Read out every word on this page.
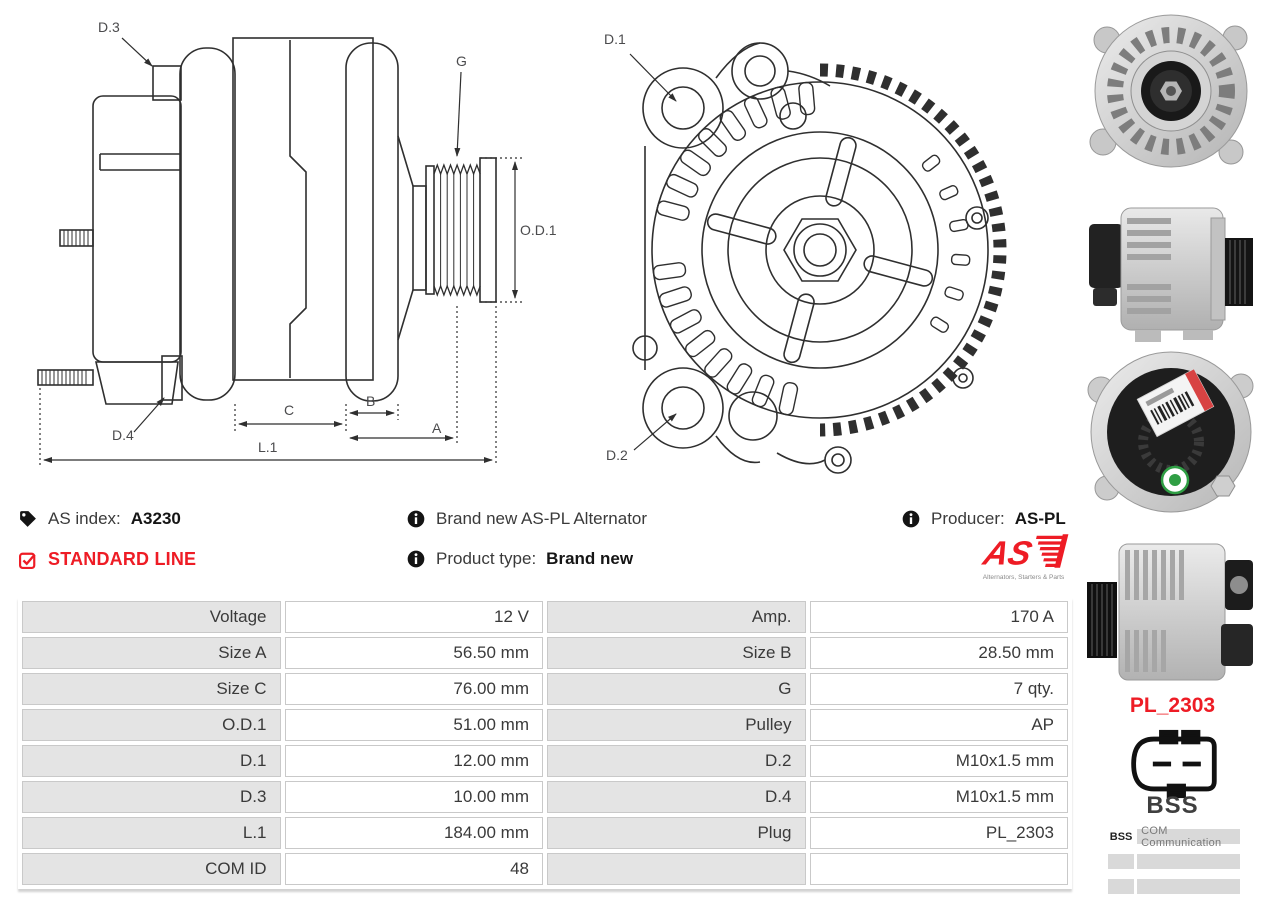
D.3
G
O.D.1
D.4
C
B
A
L.1
D.1
D.2
AS index: A3230
STANDARD LINE
Brand new AS-PL Alternator
Product type: Brand new
Producer: AS-PL
AS
Alternators, Starters & Parts
Voltage	12 V	Amp.	170 A
Size A	56.50 mm	Size B	28.50 mm
Size C	76.00 mm	G	7 qty.
O.D.1	51.00 mm	Pulley	AP
D.1	12.00 mm	D.2	M10x1.5 mm
D.3	10.00 mm	D.4	M10x1.5 mm
L.1	184.00 mm	Plug	PL_2303
COM ID	48		
PL_2303
BSS
BSS COM Communication
